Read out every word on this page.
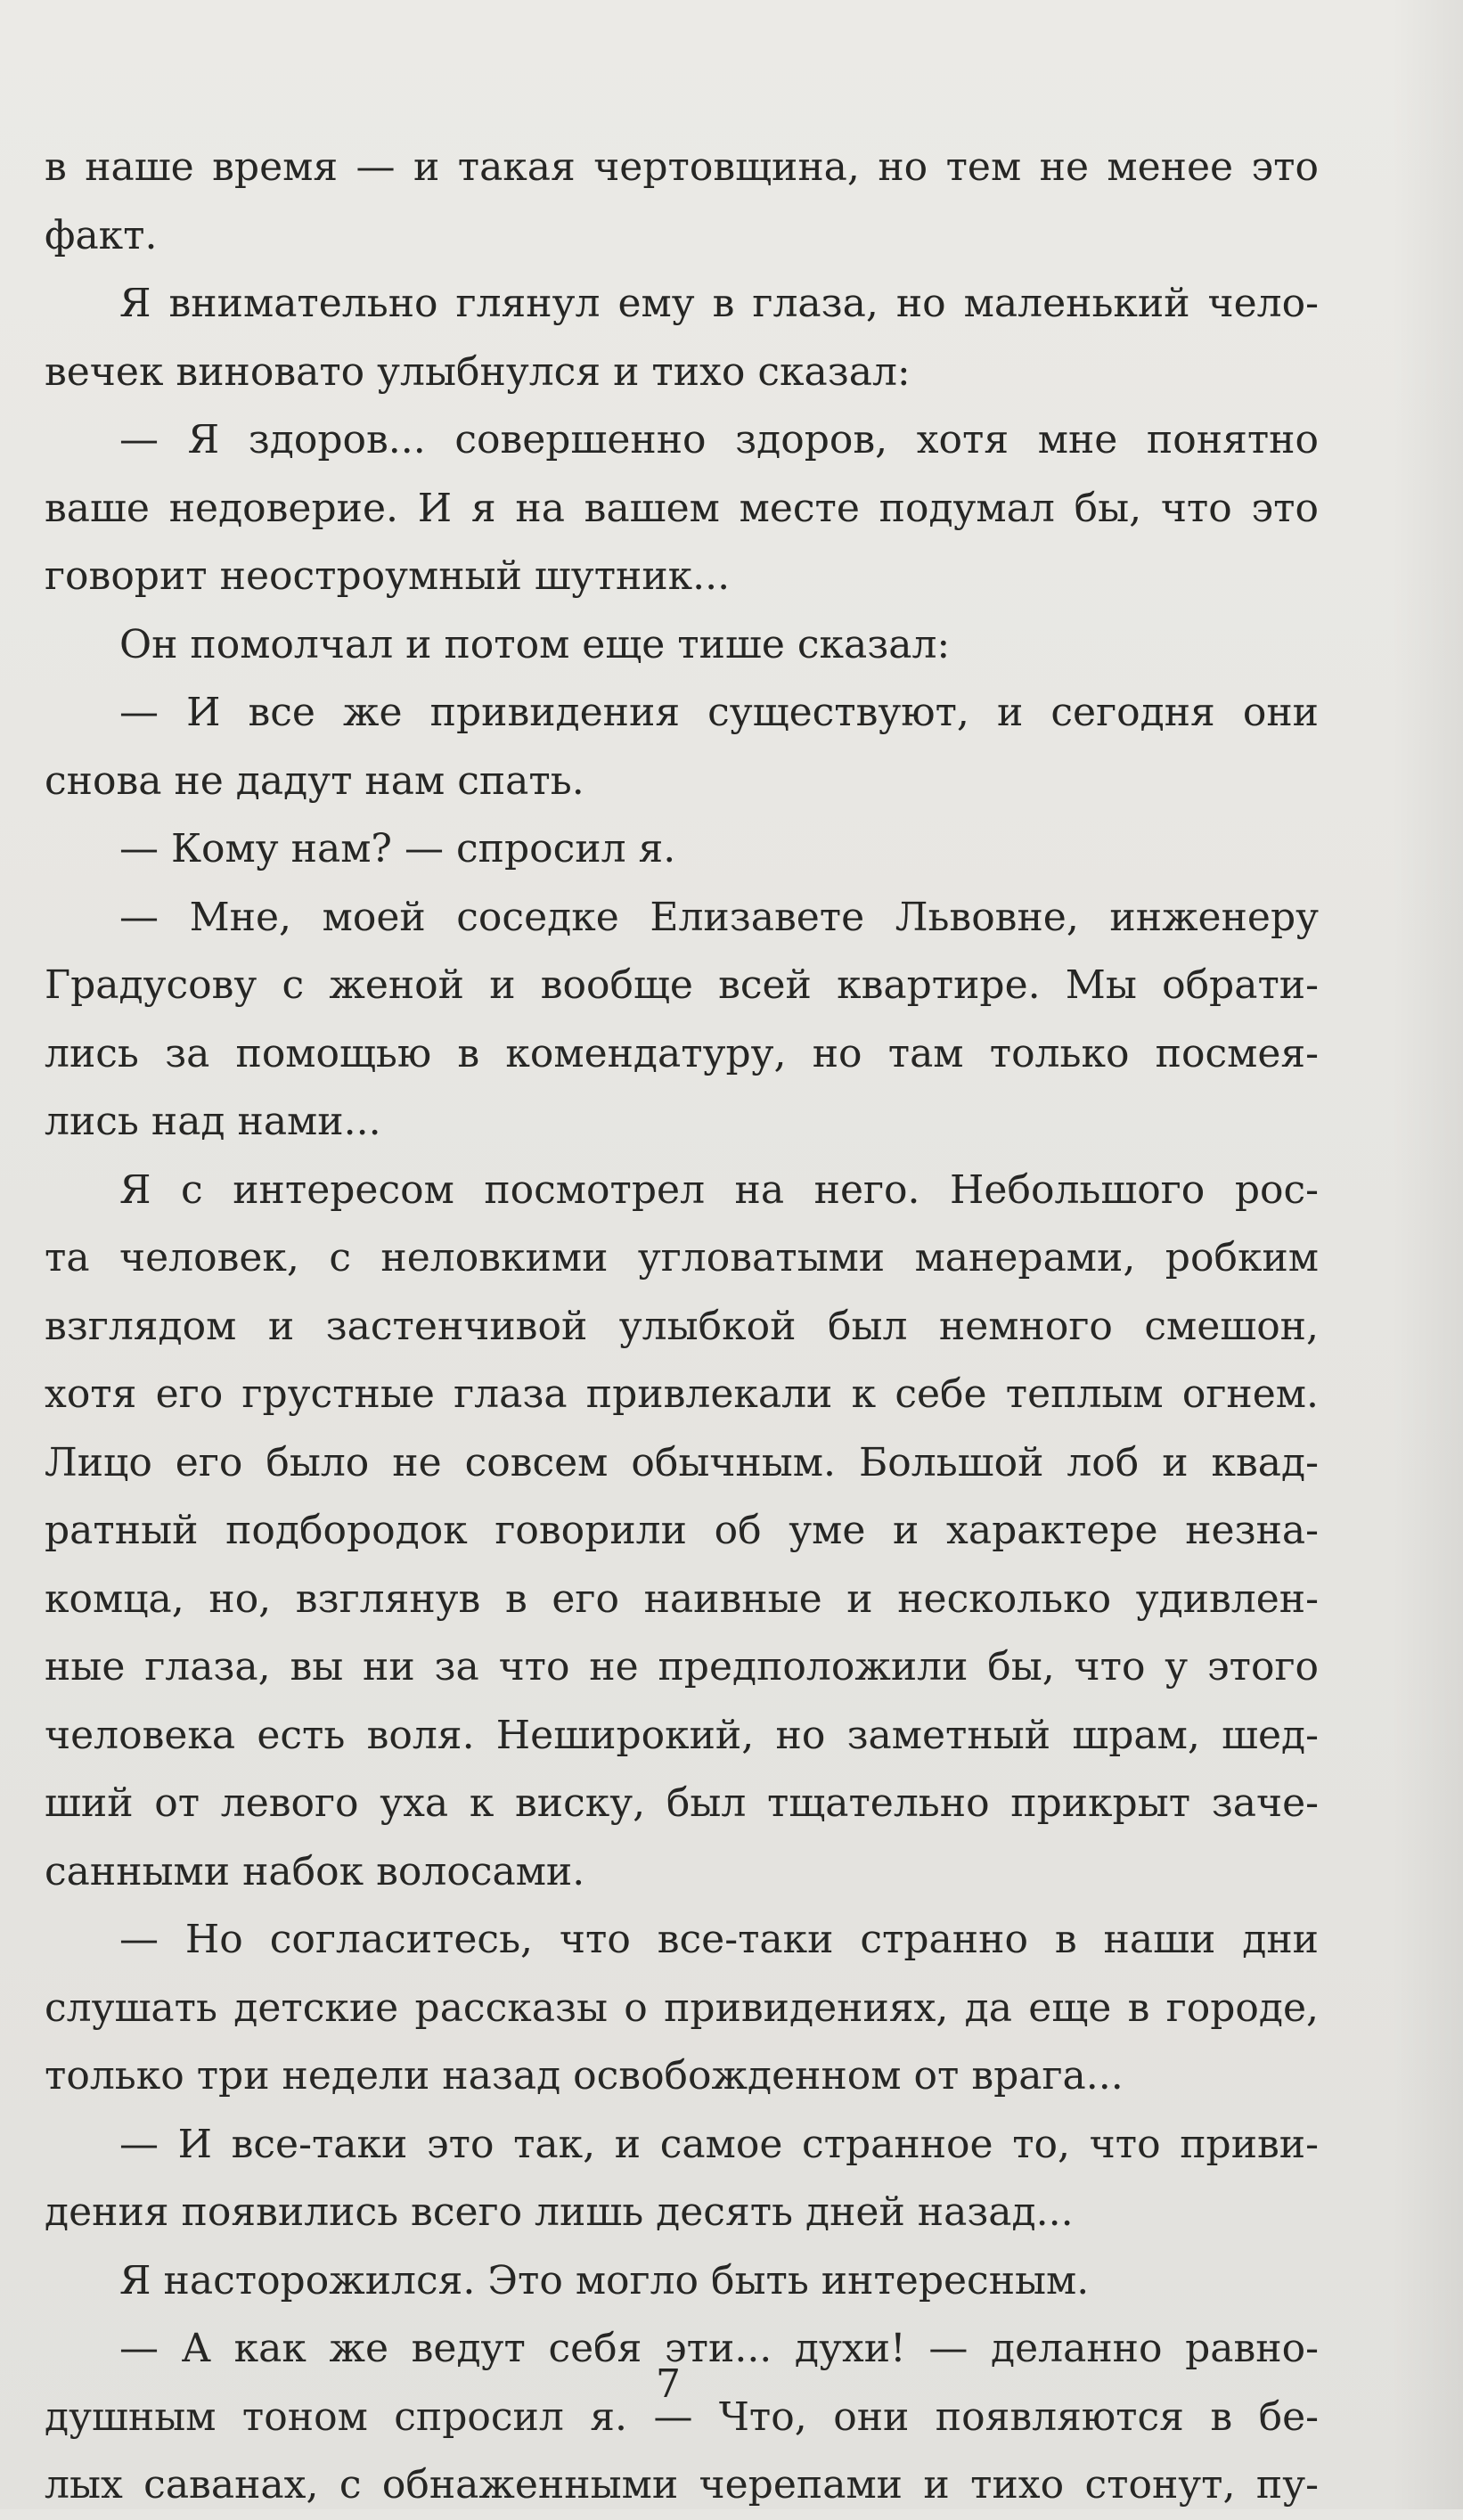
в наше время — и такая чертовщина, но тем не менее это
факт.
Я внимательно глянул ему в глаза, но маленький чело-
вечек виновато улыбнулся и тихо сказал:
— Я здоров... совершенно здоров, хотя мне понятно
ваше недоверие. И я на вашем месте подумал бы, что это
говорит неостроумный шутник...
Он помолчал и потом еще тише сказал:
— И все же привидения существуют, и сегодня они
снова не дадут нам спать.
— Кому нам? — спросил я.
— Мне, моей соседке Елизавете Львовне, инженеру
Градусову с женой и вообще всей квартире. Мы обрати-
лись за помощью в комендатуру, но там только посмея-
лись над нами...
Я с интересом посмотрел на него. Небольшого рос-
та человек, с неловкими угловатыми манерами, робким
взглядом и застенчивой улыбкой был немного смешон,
хотя его грустные глаза привлекали к себе теплым огнем.
Лицо его было не совсем обычным. Большой лоб и квад-
ратный подбородок говорили об уме и характере незна-
комца, но, взглянув в его наивные и несколько удивлен-
ные глаза, вы ни за что не предположили бы, что у этого
человека есть воля. Неширокий, но заметный шрам, шед-
ший от левого уха к виску, был тщательно прикрыт заче-
санными набок волосами.
— Но согласитесь, что все-таки странно в наши дни
слушать детские рассказы о привидениях, да еще в городе,
только три недели назад освобожденном от врага...
— И все-таки это так, и самое странное то, что приви-
дения появились всего лишь десять дней назад...
Я насторожился. Это могло быть интересным.
— А как же ведут себя эти... духи! — деланно равно-
душным тоном спросил я. — Что, они появляются в бе-
лых саванах, с обнаженными черепами и тихо стонут, пу-
7
